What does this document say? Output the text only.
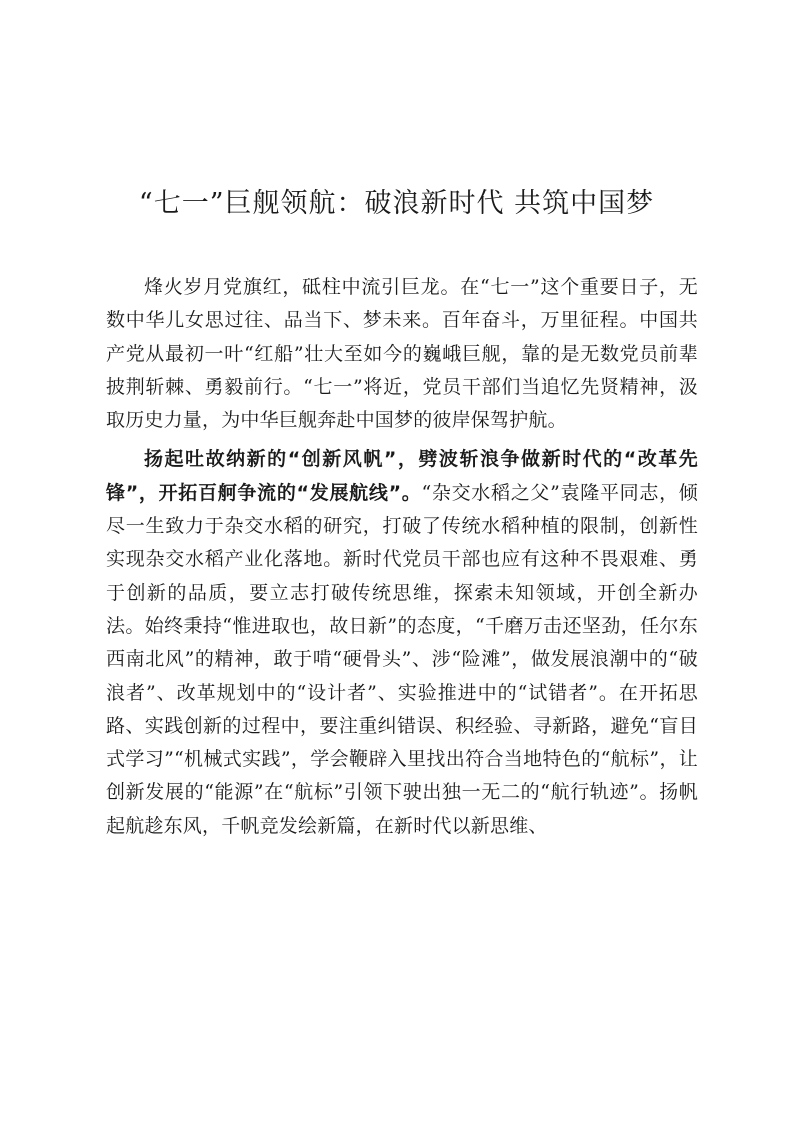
“七一”巨舰领航：破浪新时代 共筑中国梦

烽火岁月党旗红，砥柱中流引巨龙。在“七一”这个重要日子，无数中华儿女思过往、品当下、梦未来。百年奋斗，万里征程。中国共产党从最初一叶“红船”壮大至如今的巍峨巨舰，靠的是无数党员前辈披荆斩棘、勇毅前行。“七一”将近，党员干部们当追忆先贤精神，汲取历史力量，为中华巨舰奔赴中国梦的彼岸保驾护航。

扬起吐故纳新的“创新风帆”，劈波斩浪争做新时代的“改革先锋”，开拓百舸争流的“发展航线”。“杂交水稻之父”袁隆平同志，倾尽一生致力于杂交水稻的研究，打破了传统水稻种植的限制，创新性实现杂交水稻产业化落地。新时代党员干部也应有这种不畏艰难、勇于创新的品质，要立志打破传统思维，探索未知领域，开创全新办法。始终秉持“惟进取也，故日新”的态度，“千磨万击还坚劲，任尔东西南北风”的精神，敢于啃“硬骨头”、涉“险滩”，做发展浪潮中的“破浪者”、改革规划中的“设计者”、实验推进中的“试错者”。在开拓思路、实践创新的过程中，要注重纠错误、积经验、寻新路，避免“盲目式学习”“机械式实践”，学会鞭辟入里找出符合当地特色的“航标”，让创新发展的“能源”在“航标”引领下驶出独一无二的“航行轨迹”。扬帆起航趁东风，千帆竞发绘新篇，在新时代以新思维、
